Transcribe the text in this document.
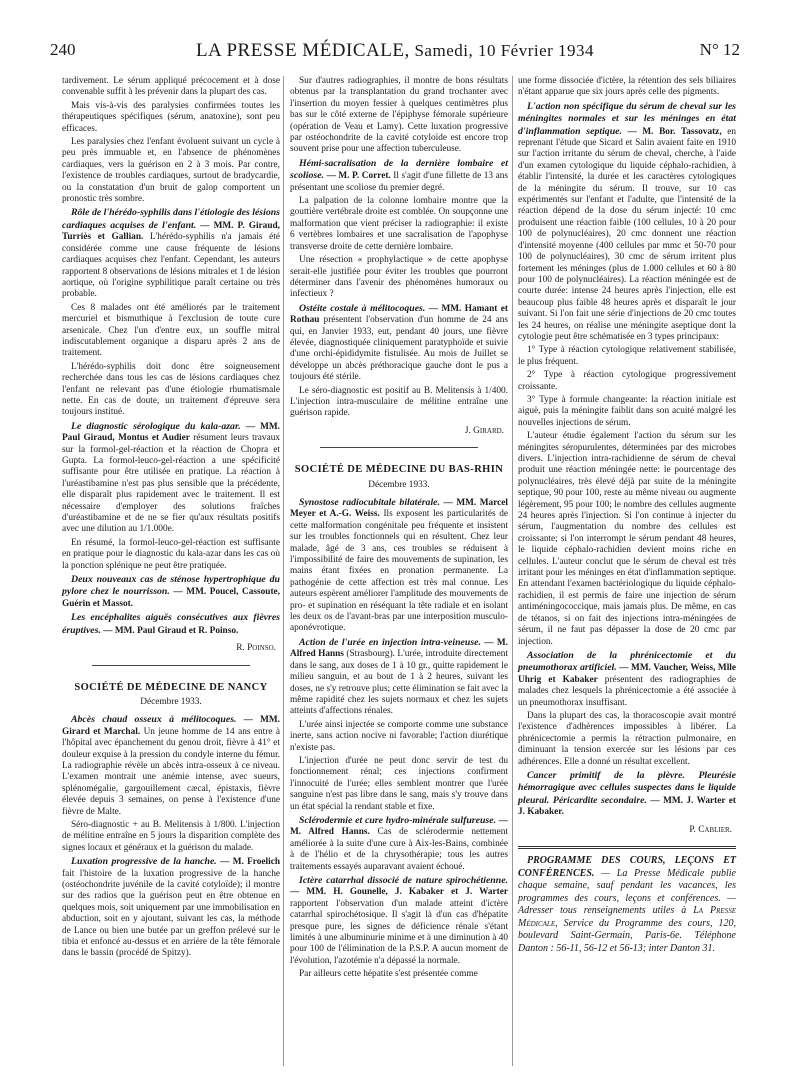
240	LA PRESSE MÉDICALE, Samedi, 10 Février 1934	N° 12

tardivement. Le sérum appliqué précocement et à dose convenable suffit à les prévenir dans la plupart des cas.

Mais vis-à-vis des paralysies confirmées toutes les thérapeutiques spécifiques (sérum, anatoxine), sont peu efficaces.

Les paralysies chez l'enfant évoluent suivant un cycle à peu près immuable et, en l'absence de phénomènes cardiaques, vers la guérison en 2 à 3 mois. Par contre, l'existence de troubles cardiaques, surtout de bradycardie, ou la constatation d'un bruit de galop comportent un pronostic très sombre.

Rôle de l'hérédo-syphilis dans l'étiologie des lésions cardiaques acquises de l'enfant. — MM. P. Giraud, Turriès et Gallian. L'hérédo-syphilis n'a jamais été considérée comme une cause fréquente de lésions cardiaques acquises chez l'enfant. Cependant, les auteurs rapportent 8 observations de lésions mitrales et 1 de lésion aortique, où l'origine syphilitique paraît certaine ou très probable.

Ces 8 malades ont été améliorés par le traitement mercuriel et bismuthique à l'exclusion de toute cure arsenicale. Chez l'un d'entre eux, un souffle mitral indiscutablement organique a disparu après 2 ans de traitement.

L'hérédo-syphilis doit donc être soigneusement recherchée dans tous les cas de lésions cardiaques chez l'enfant ne relevant pas d'une étiologie rhumatismale nette. En cas de doute, un traitement d'épreuve sera toujours institué.

Le diagnostic sérologique du kala-azar. — MM. Paul Giraud, Montus et Audier résument leurs travaux sur la formol-gel-réaction et la réaction de Chopra et Gupta. La formol-leuco-gel-réaction a une spécificité suffisante pour être utilisée en pratique. La réaction à l'uréastibamine n'est pas plus sensible que la précédente, elle disparaît plus rapidement avec le traitement. Il est nécessaire d'employer des solutions fraîches d'uréastibamine et de ne se fier qu'aux résultats positifs avec une dilution au 1/1.000e.

En résumé, la formol-leuco-gel-réaction est suffisante en pratique pour le diagnostic du kala-azar dans les cas où la ponction splénique ne peut être pratiquée.

Deux nouveaux cas de sténose hypertrophique du pylore chez le nourrisson. — MM. Poucel, Cassoute, Guérin et Massot.

Les encéphalites aiguës consécutives aux fièvres éruptives. — MM. Paul Giraud et R. Poinso.

R. Poinso.

SOCIÉTÉ DE MÉDECINE DE NANCY

Décembre 1933.

Abcès chaud osseux à mélitocoques. — MM. Girard et Marchal. Un jeune homme de 14 ans entre à l'hôpital avec épanchement du genou droit, fièvre à 41° et douleur exquise à la pression du condyle interne du fémur. La radiographie révèle un abcès intra-osseux à ce niveau. L'examen montrait une anémie intense, avec sueurs, splénomégalie, gargouillement cæcal, épistaxis, fièvre élevée depuis 3 semaines, on pense à l'existence d'une fièvre de Malte.

Séro-diagnostic + au B. Melitensis à 1/800. L'injection de mélitine entraîne en 5 jours la disparition complète des signes locaux et généraux et la guérison du malade.

Luxation progressive de la hanche. — M. Froelich fait l'histoire de la luxation progressive de la hanche (ostéochondrite juvénile de la cavité cotyloïde); il montre sur des radios que la guérison peut en être obtenue en quelques mois, soit uniquement par une immobilisation en abduction, soit en y ajoutant, suivant les cas, la méthode de Lance ou bien une butée par un greffon prélevé sur le tibia et enfoncé au-dessus et en arrière de la tête fémorale dans le bassin (procédé de Spitzy).

Sur d'autres radiographies, il montre de bons résultats obtenus par la transplantation du grand trochanter avec l'insertion du moyen fessier à quelques centimètres plus bas sur le côté externe de l'épiphyse fémorale supérieure (opération de Veau et Lamy). Cette luxation progressive par ostéochondrite de la cavité cotyloïde est encore trop souvent prise pour une affection tuberculeuse.

Hémi-sacralisation de la dernière lombaire et scoliose. — M. P. Corret. Il s'agit d'une fillette de 13 ans présentant une scoliose du premier degré.

La palpation de la colonne lombaire montre que la gouttière vertébrale droite est comblée. On soupçonne une malformation que vient préciser la radiographie: il existe 6 vertèbres lombaires et une sacralisation de l'apophyse transverse droite de cette dernière lombaire.

Une résection « prophylactique » de cette apophyse serait-elle justifiée pour éviter les troubles que pourront déterminer dans l'avenir des phénomènes humoraux ou infectieux ?

Ostéite costale à mélitocoques. — MM. Hamant et Rothau présentent l'observation d'un homme de 24 ans qui, en Janvier 1933, eut, pendant 40 jours, une fièvre élevée, diagnostiquée cliniquement paratyphoïde et suivie d'une orchi-épididymite fistulisée. Au mois de Juillet se développe un abcès préthoracique gauche dont le pus a toujours été stérile.

Le séro-diagnostic est positif au B. Melitensis à 1/400. L'injection intra-musculaire de mélitine entraîne une guérison rapide.

J. Girard.

SOCIÉTÉ DE MÉDECINE DU BAS-RHIN

Décembre 1933.

Synostose radiocubitale bilatérale. — MM. Marcel Meyer et A.-G. Weiss. Ils exposent les particularités de cette malformation congénitale peu fréquente et insistent sur les troubles fonctionnels qui en résultent. Chez leur malade, âgé de 3 ans, ces troubles se réduisent à l'impossibilité de faire des mouvements de supination, les mains étant fixées en pronation permanente. La pathogénie de cette affection est très mal connue. Les auteurs espèrent améliorer l'amplitude des mouvements de pro- et supination en réséquant la tête radiale et en isolant les deux os de l'avant-bras par une interposition musculo-aponévrotique.

Action de l'urée en injection intra-veineuse. — M. Alfred Hanns (Strasbourg). L'urée, introduite directement dans le sang, aux doses de 1 à 10 gr., quitte rapidement le milieu sanguin, et au bout de 1 à 2 heures, suivant les doses, ne s'y retrouve plus; cette élimination se fait avec la même rapidité chez les sujets normaux et chez les sujets atteints d'affections rénales.

L'urée ainsi injectée se comporte comme une substance inerte, sans action nocive ni favorable; l'action diurétique n'existe pas.

L'injection d'urée ne peut donc servir de test du fonctionnement rénal; ces injections confirment l'innocuité de l'urée; elles semblent montrer que l'urée sanguine n'est pas libre dans le sang, mais s'y trouve dans un état spécial la rendant stable et fixe.

Sclérodermie et cure hydro-minérale sulfureuse. — M. Alfred Hanns. Cas de sclérodermie nettement améliorée à la suite d'une cure à Aix-les-Bains, combinée à de l'hélio et de la chrysothérapie; tous les autres traitements essayés auparavant avaient échoué.

Ictère catarrhal dissocié de nature spirochétienne. — MM. H. Gounelle, J. Kabaker et J. Warter rapportent l'observation d'un malade atteint d'ictère catarrhal spirochétosique. Il s'agit là d'un cas d'hépatite presque pure, les signes de déficience rénale s'étant limités à une albuminurie minime et à une diminution à 40 pour 100 de l'élimination de la P.S.P. A aucun moment de l'évolution, l'azotémie n'a dépassé la normale.

Par ailleurs cette hépatite s'est présentée comme

une forme dissociée d'ictère, la rétention des sels biliaires n'étant apparue que six jours après celle des pigments.

L'action non spécifique du sérum de cheval sur les méningites normales et sur les méninges en état d'inflammation septique. — M. Bor. Tassovatz, en reprenant l'étude que Sicard et Salin avaient faite en 1910 sur l'action irritante du sérum de cheval, cherche, à l'aide d'un examen cytologique du liquide céphalo-rachidien, à établir l'intensité, la durée et les caractères cytologiques de la méningite du sérum. Il trouve, sur 10 cas expérimentés sur l'enfant et l'adulte, que l'intensité de la réaction dépend de la dose du sérum injecté: 10 cmc produisent une réaction faible (100 cellules, 10 à 20 pour 100 de polynucléaires), 20 cmc donnent une réaction d'intensité moyenne (400 cellules par mmc et 50-70 pour 100 de polynucléaires), 30 cmc de sérum irritent plus fortement les méninges (plus de 1.000 cellules et 60 à 80 pour 100 de polynucléaires). La réaction méningée est de courte durée: intense 24 heures après l'injection, elle est beaucoup plus faible 48 heures après et disparaît le jour suivant. Si l'on fait une série d'injections de 20 cmc toutes les 24 heures, on réalise une méningite aseptique dont la cytologie peut être schématisée en 3 types principaux:

1° Type à réaction cytologique relativement stabilisée, le plus fréquent.

2° Type à réaction cytologique progressivement croissante.

3° Type à formule changeante: la réaction initiale est aiguë, puis la méningite faiblit dans son acuité malgré les nouvelles injections de sérum.

L'auteur étudie également l'action du sérum sur les méningites séropurulentes, déterminées par des microbes divers. L'injection intra-rachidienne de sérum de cheval produit une réaction méningée nette: le pourcentage des polynucléaires, très élevé déjà par suite de la méningite septique, 90 pour 100, reste au même niveau ou augmente légèrement, 95 pour 100; le nombre des cellules augmente 24 heures après l'injection. Si l'on continue à injecter du sérum, l'augmentation du nombre des cellules est croissante; si l'on interrompt le sérum pendant 48 heures, le liquide céphalo-rachidien devient moins riche en cellules. L'auteur conclut que le sérum de cheval est très irritant pour les méninges en état d'inflammation septique. En attendant l'examen bactériologique du liquide céphalo-rachidien, il est permis de faire une injection de sérum antiméningococcique, mais jamais plus. De même, en cas de tétanos, si on fait des injections intra-méningées de sérum, il ne faut pas dépasser la dose de 20 cmc par injection.

Association de la phrénicectomie et du pneumothorax artificiel. — MM. Vaucher, Weiss, Mlle Uhrig et Kabaker présentent des radiographies de malades chez lesquels la phrénicectomie a été associée à un pneumothorax insuffisant.

Dans la plupart des cas, la thoracoscopie avait montré l'existence d'adhérences impossibles à libérer. La phrénicectomie a permis la rétraction pulmonaire, en diminuant la tension exercée sur les lésions par ces adhérences. Elle a donné un résultat excellent.

Cancer primitif de la plèvre. Pleurésie hémorragique avec cellules suspectes dans le liquide pleural. Péricardite secondaire. — MM. J. Warter et J. Kabaker.

P. Cablier.

PROGRAMME DES COURS, LEÇONS ET CONFÉRENCES. — La Presse Médicale publie chaque semaine, sauf pendant les vacances, les programmes des cours, leçons et conférences. — Adresser tous renseignements utiles à La Presse Médicale, Service du Programme des cours, 120, boulevard Saint-Germain, Paris-6e. Téléphone Danton : 56-11, 56-12 et 56-13; inter Danton 31.
